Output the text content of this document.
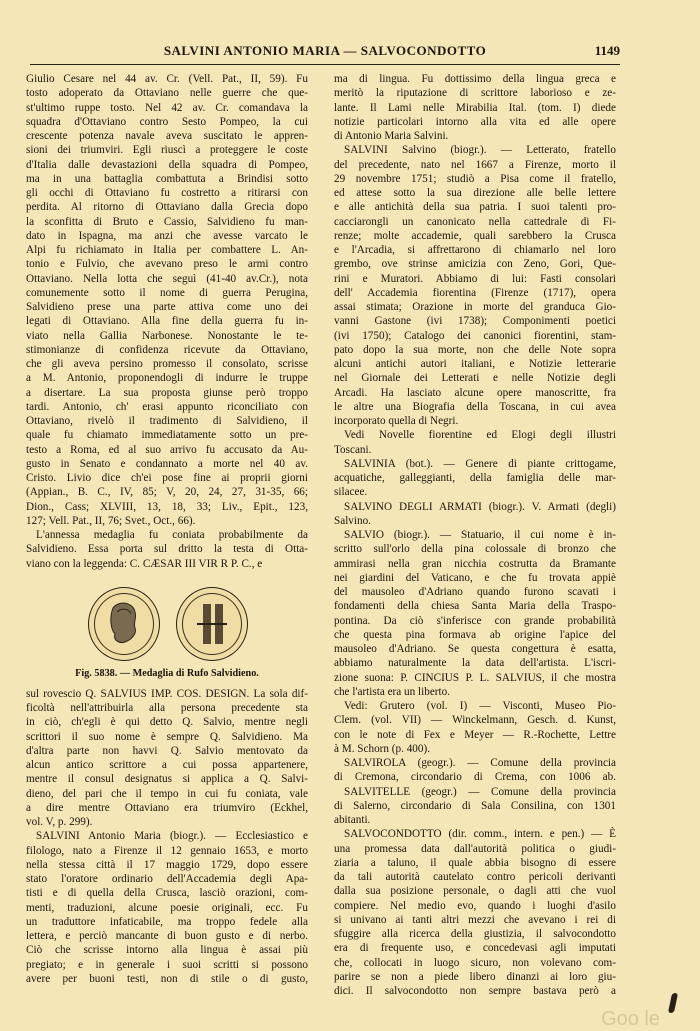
SALVINI ANTONIO MARIA — SALVOCONDOTTO	1149
Giulio Cesare nel 44 av. Cr. (Vell. Pat., II, 59). Fu
tosto adoperato da Ottaviano nelle guerre che que-
st'ultimo ruppe tosto. Nel 42 av. Cr. comandava la
squadra d'Ottaviano contro Sesto Pompeo, la cui
crescente potenza navale aveva suscitato le appren-
sioni dei triumviri. Egli riuscì a proteggere le coste
d'Italia dalle devastazioni della squadra di Pompeo,
ma in una battaglia combattuta a Brindisi sotto
gli occhi di Ottaviano fu costretto a ritirarsi con
perdita. Al ritorno di Ottaviano dalla Grecia dopo
la sconfitta di Bruto e Cassio, Salvidieno fu man-
dato in Ispagna, ma anzi che avesse varcato le
Alpi fu richiamato in Italia per combattere L. An-
tonio e Fulvio, che avevano preso le armi contro
Ottaviano. Nella lotta che seguì (41-40 av.Cr.), nota
comunemente sotto il nome di guerra Perugina,
Salvidieno prese una parte attiva come uno dei
legati di Ottaviano. Alla fine della guerra fu in-
viato nella Gallia Narbonese. Nonostante le te-
stimonianze di confidenza ricevute da Ottaviano,
che gli aveva persino promesso il consolato, scrisse
a M. Antonio, proponendogli di indurre le truppe
a disertare. La sua proposta giunse però troppo
tardi. Antonio, ch' erasi appunto riconciliato con
Ottaviano, rivelò il tradimento di Salvidieno, il
quale fu chiamato immediatamente sotto un pre-
testo a Roma, ed al suo arrivo fu accusato da Au-
gusto in Senato e condannato a morte nel 40 av.
Cristo. Livio dice ch'ei pose fine ai proprii giorni
(Appian., B. C., IV, 85; V, 20, 24, 27, 31-35, 66;
Dion., Cass; XLVIII, 13, 18, 33; Liv., Epit., 123,
127; Vell. Pat., II, 76; Svet., Oct., 66).
L'annessa medaglia fu coniata probabilmente da
Salvidieno. Essa porta sul dritto la testa di Otta-
viano con la leggenda: C. CÆSAR III VIR R P. C., e
Fig. 5838. — Medaglia di Rufo Salvidieno.
sul rovescio Q. SALVIUS IMP. COS. DESIGN. La sola dif-
ficoltà nell'attribuirla alla persona precedente sta
in ciò, ch'egli è qui detto Q. Salvio, mentre negli
scrittori il suo nome è sempre Q. Salvidieno. Ma
d'altra parte non havvi Q. Salvio mentovato da
alcun antico scrittore a cui possa appartenere,
mentre il consul designatus si applica a Q. Salvi-
dieno, del pari che il tempo in cui fu coniata, vale
a dire mentre Ottaviano era triumviro (Eckhel,
vol. V, p. 299).
SALVINI Antonio Maria (biogr.). — Ecclesiastico e
filologo, nato a Firenze il 12 gennaio 1653, e morto
nella stessa città il 17 maggio 1729, dopo essere
stato l'oratore ordinario dell'Accademia degli Apa-
tisti e di quella della Crusca, lasciò orazioni, com-
menti, traduzioni, alcune poesie originali, ecc. Fu
un traduttore infaticabile, ma troppo fedele alla
lettera, e perciò mancante di buon gusto e di nerbo.
Ciò che scrisse intorno alla lingua è assai più
pregiato; e in generale i suoi scritti si possono
avere per buoni testi, non di stile o di gusto,
ma di lingua. Fu dottissimo della lingua greca e
meritò la riputazione di scrittore laborioso e ze-
lante. Il Lami nelle Mirabilia Ital. (tom. I) diede
notizie particolari intorno alla vita ed alle opere
di Antonio Maria Salvini.
SALVINI Salvino (biogr.). — Letterato, fratello
del precedente, nato nel 1667 a Firenze, morto il
29 novembre 1751; studiò a Pisa come il fratello,
ed attese sotto la sua direzione alle belle lettere
e alle antichità della sua patria. I suoi talenti pro-
cacciarongli un canonicato nella cattedrale di Fi-
renze; molte accademie, quali sarebbero la Crusca
e l'Arcadia, si affrettarono di chiamarlo nel loro
grembo, ove strinse amicizia con Zeno, Gori, Que-
rini e Muratori. Abbiamo di lui: Fasti consolari
dell' Accademia fiorentina (Firenze (1717), opera
assai stimata; Orazione in morte del granduca Gio-
vanni Gastone (ivi 1738); Componimenti poetici
(ivi 1750); Catalogo dei canonici fiorentini, stam-
pato dopo la sua morte, non che delle Note sopra
alcuni antichi autori italiani, e Notizie letterarie
nel Giornale dei Letterati e nelle Notizie degli
Arcadi. Ha lasciato alcune opere manoscritte, fra
le altre una Biografia della Toscana, in cui avea
incorporato quella di Negri.
Vedi Novelle fiorentine ed Elogi degli illustri
Toscani.
SALVINIA (bot.). — Genere di piante crittogame,
acquatiche, galleggianti, della famiglia delle mar-
silacee.
SALVINO DEGLI ARMATI (biogr.). V. Armati (degli)
Salvino.
SALVIO (biogr.). — Statuario, il cui nome è in-
scritto sull'orlo della pina colossale di bronzo che
ammirasi nella gran nicchia costrutta da Bramante
nei giardini del Vaticano, e che fu trovata appiè
del mausoleo d'Adriano quando furono scavati i
fondamenti della chiesa Santa Maria della Traspo-
pontina. Da ciò s'inferisce con grande probabilità
che questa pina formava ab origine l'apice del
mausoleo d'Adriano. Se questa congettura è esatta,
abbiamo naturalmente la data dell'artista. L'iscri-
zione suona: P. CINCIUS P. L. SALVIUS, il che mostra
che l'artista era un liberto.
Vedi: Grutero (vol. I) — Visconti, Museo Pio-
Clem. (vol. VII) — Winckelmann, Gesch. d. Kunst,
con le note di Fex e Meyer — R.-Rochette, Lettre
à M. Schorn (p. 400).
SALVIROLA (geogr.). — Comune della provincia
di Cremona, circondario di Crema, con 1006 ab.
SALVITELLE (geogr.) — Comune della provincia
di Salerno, circondario di Sala Consilina, con 1301
abitanti.
SALVOCONDOTTO (dir. comm., intern. e pen.) — È
una promessa data dall'autorità politica o giudi-
ziaria a taluno, il quale abbia bisogno di essere
da tali autorità cautelato contro pericoli derivanti
dalla sua posizione personale, o dagli atti che vuol
compiere. Nel medio evo, quando i luoghi d'asilo
si univano ai tanti altri mezzi che avevano i rei di
sfuggire alla ricerca della giustizia, il salvocondotto
era di frequente uso, e concedevasi agli imputati
che, collocati in luogo sicuro, non volevano com-
parire se non a piede libero dinanzi ai loro giu-
dici. Il salvocondotto non sempre bastava però a
Goo le
